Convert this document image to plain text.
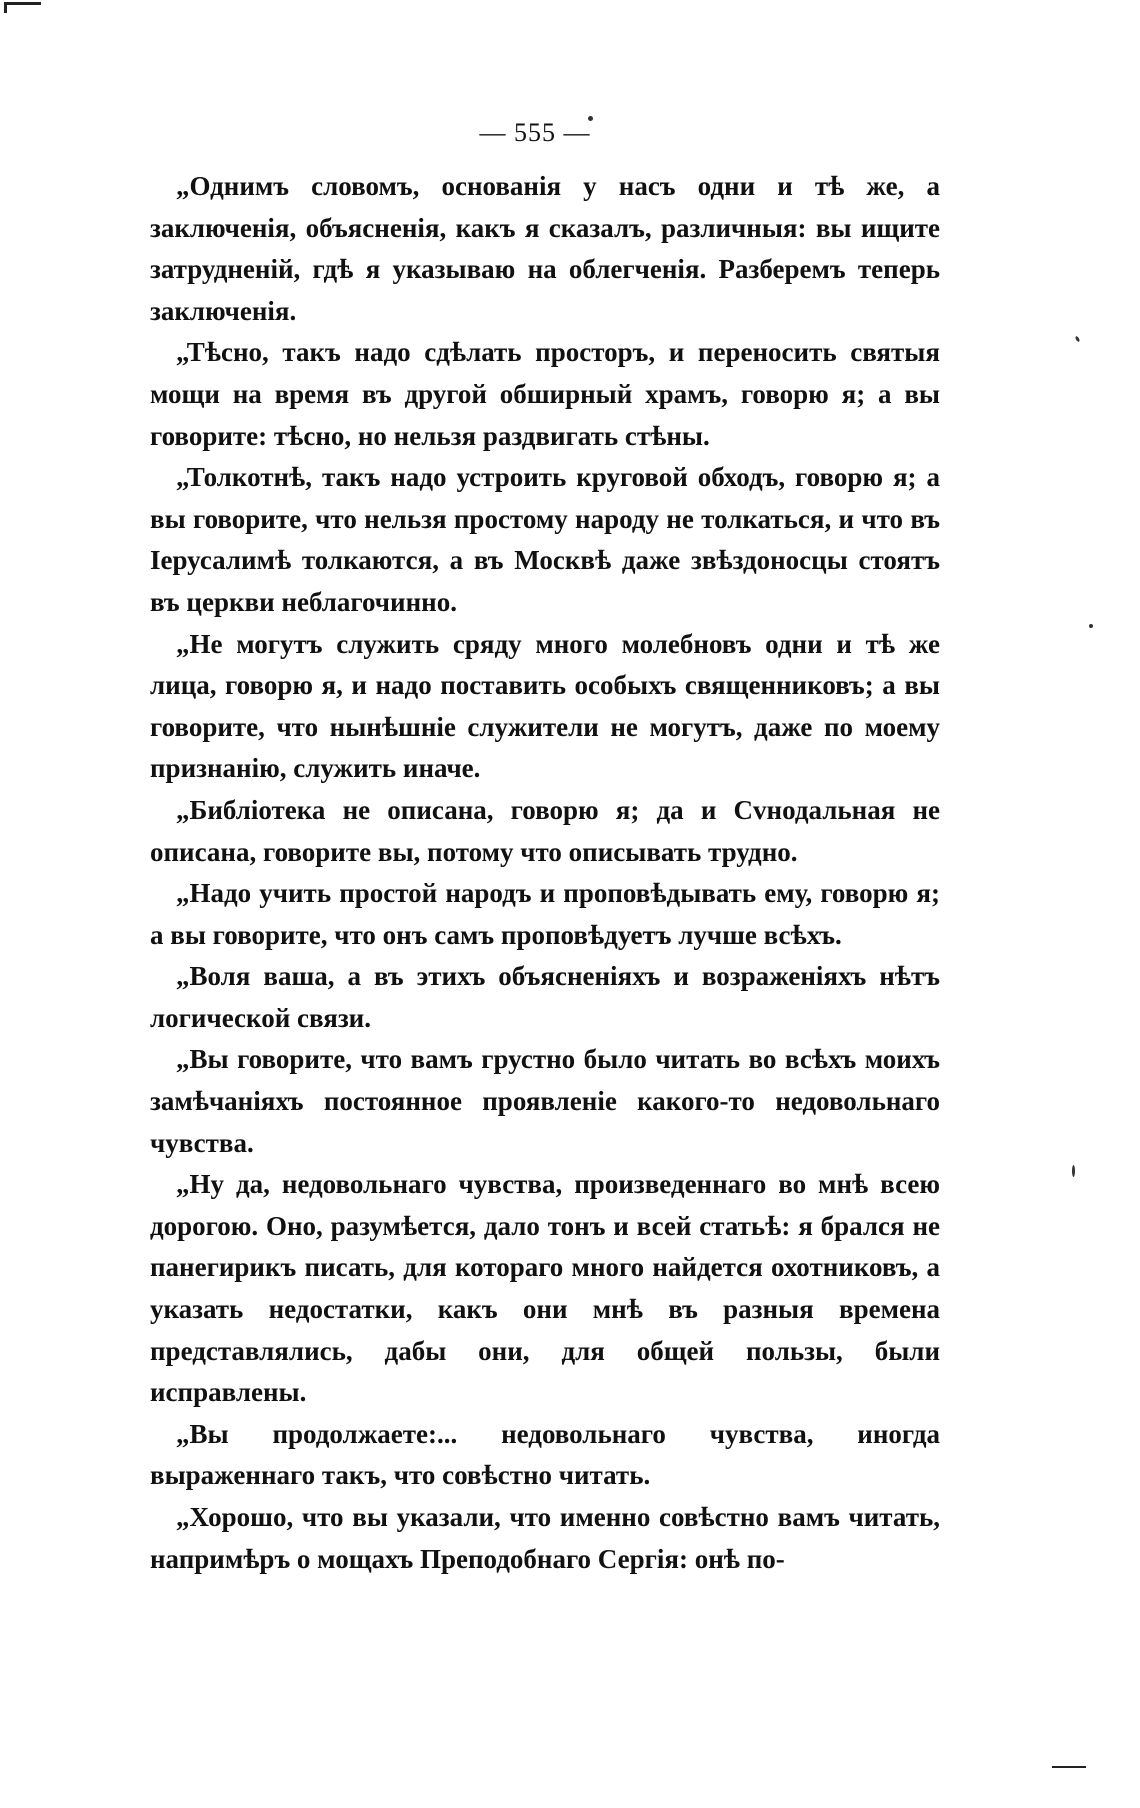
— 555 —

„Однимъ словомъ, основанія у насъ одни и тѣ же, а заключенія, объясненія, какъ я сказалъ, различныя: вы ищите затрудненій, гдѣ я указываю на облегченія. Разберемъ теперь заключенія.

„Тѣсно, такъ надо сдѣлать просторъ, и переносить святыя мощи на время въ другой обширный храмъ, говорю я; а вы говорите: тѣсно, но нельзя раздвигать стѣны.

„Толкотнѣ, такъ надо устроить круговой обходъ, говорю я; а вы говорите, что нельзя простому народу не толкаться, и что въ Іерусалимѣ толкаются, а въ Москвѣ даже звѣздоносцы стоятъ въ церкви неблагочинно.

„Не могутъ служить сряду много молебновъ одни и тѣ же лица, говорю я, и надо поставить особыхъ священниковъ; а вы говорите, что нынѣшніе служители не могутъ, даже по моему признанію, служить иначе.

„Библіотека не описана, говорю я; да и Сvнодальная не описана, говорите вы, потому что описывать трудно.

„Надо учить простой народъ и проповѣдывать ему, говорю я; а вы говорите, что онъ самъ проповѣдуетъ лучше всѣхъ.

„Воля ваша, а въ этихъ объясненіяхъ и возраженіяхъ нѣтъ логической связи.

„Вы говорите, что вамъ грустно было читать во всѣхъ моихъ замѣчаніяхъ постоянное проявленіе какого-то недовольнаго чувства.

„Ну да, недовольнаго чувства, произведеннаго во мнѣ всею дорогою. Оно, разумѣется, дало тонъ и всей статьѣ: я брался не панегирикъ писать, для котораго много найдется охотниковъ, а указать недостатки, какъ они мнѣ въ разныя времена представлялись, дабы они, для общей пользы, были исправлены.

„Вы продолжаете:... недовольнаго чувства, иногда выраженнаго такъ, что совѣстно читать.

„Хорошо, что вы указали, что именно совѣстно вамъ читать, напримѣръ о мощахъ Преподобнаго Сергія: онѣ по-
